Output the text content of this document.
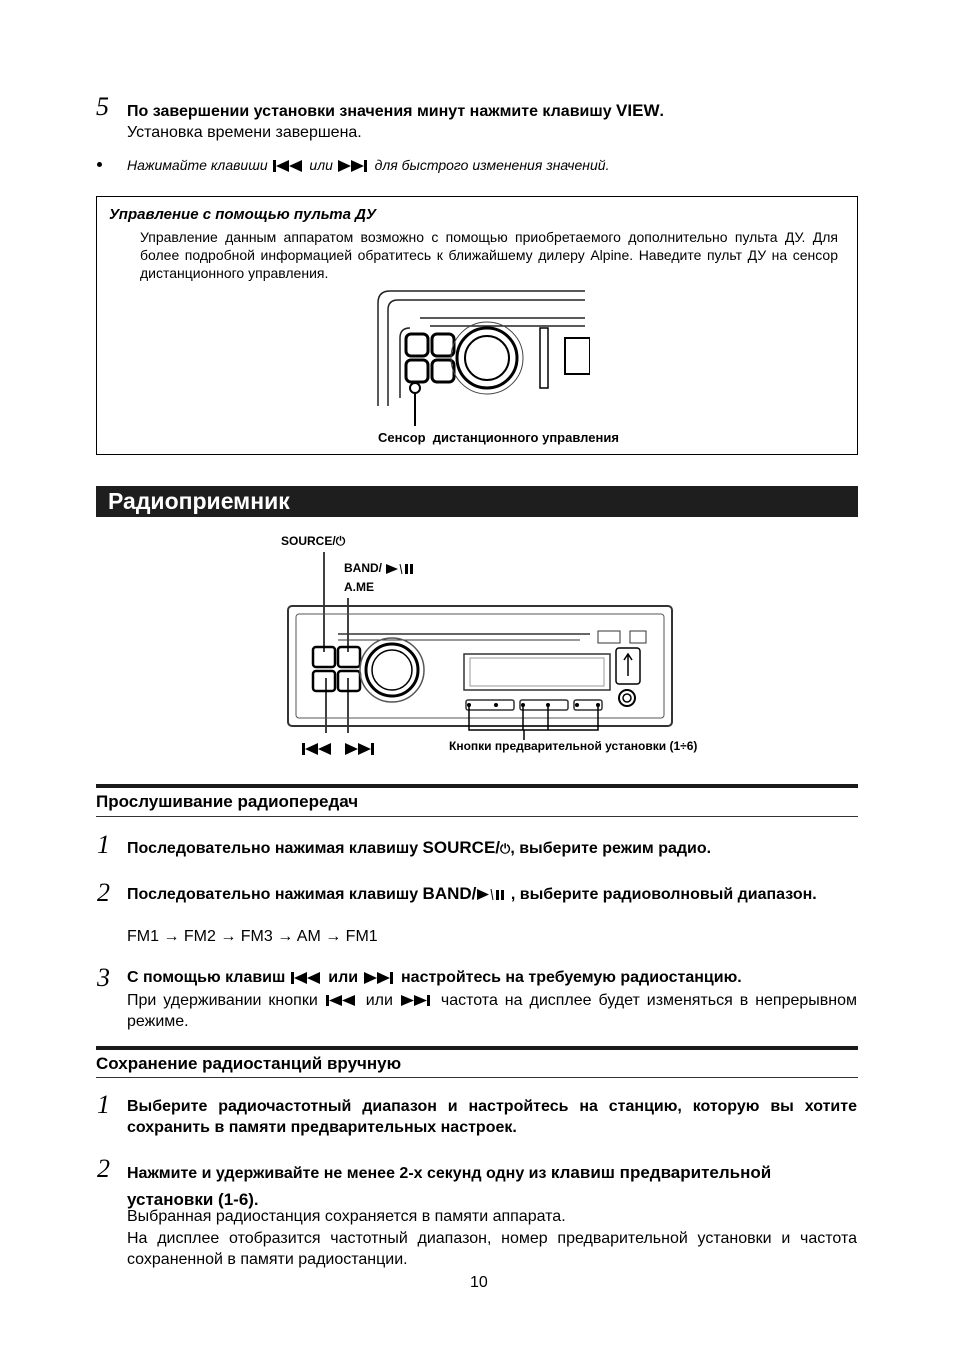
5 По завершении установки значения минут нажмите клавишу VIEW.
Установка времени завершена.
Нажимайте клавиши	или	для быстрого изменения значений.
Управление с помощью пульта ДУ
Управление данным аппаратом возможно с помощью приобретаемого дополнительно пульта ДУ. Для более подробной информацией обратитесь к ближайшему дилеру Alpine. Наведите пульт ДУ на сенсор дистанционного управления.
Сенсор  дистанционного управления
Радиоприемник
SOURCE/⏻
BAND/
A.ME
Кнопки предварительной установки (1÷6)
Прослушивание радиопередач
1 Последовательно нажимая клавишу SOURCE/⏻, выберите режим радио.
2 Последовательно нажимая клавишу BAND/
, выберите радиоволновый диапазон.
FM1 → FM2 → FM3 → AM → FM1
3 С помощью клавиш	или	настройтесь на требуемую радиостанцию.
При удерживании кнопки	или	частота на дисплее будет изменяться в непрерывном режиме.
Сохранение радиостанций вручную
1 Выберите радиочастотный диапазон и настройтесь на станцию, которую вы хотите сохранить в памяти предварительных настроек.
2 Нажмите и удерживайте не менее 2-х секунд одну из клавиш предварительной установки (1-6).
Выбранная радиостанция сохраняется в памяти аппарата.
На дисплее отобразится частотный диапазон, номер предварительной установки и частота сохраненной в памяти радиостанции.
10
